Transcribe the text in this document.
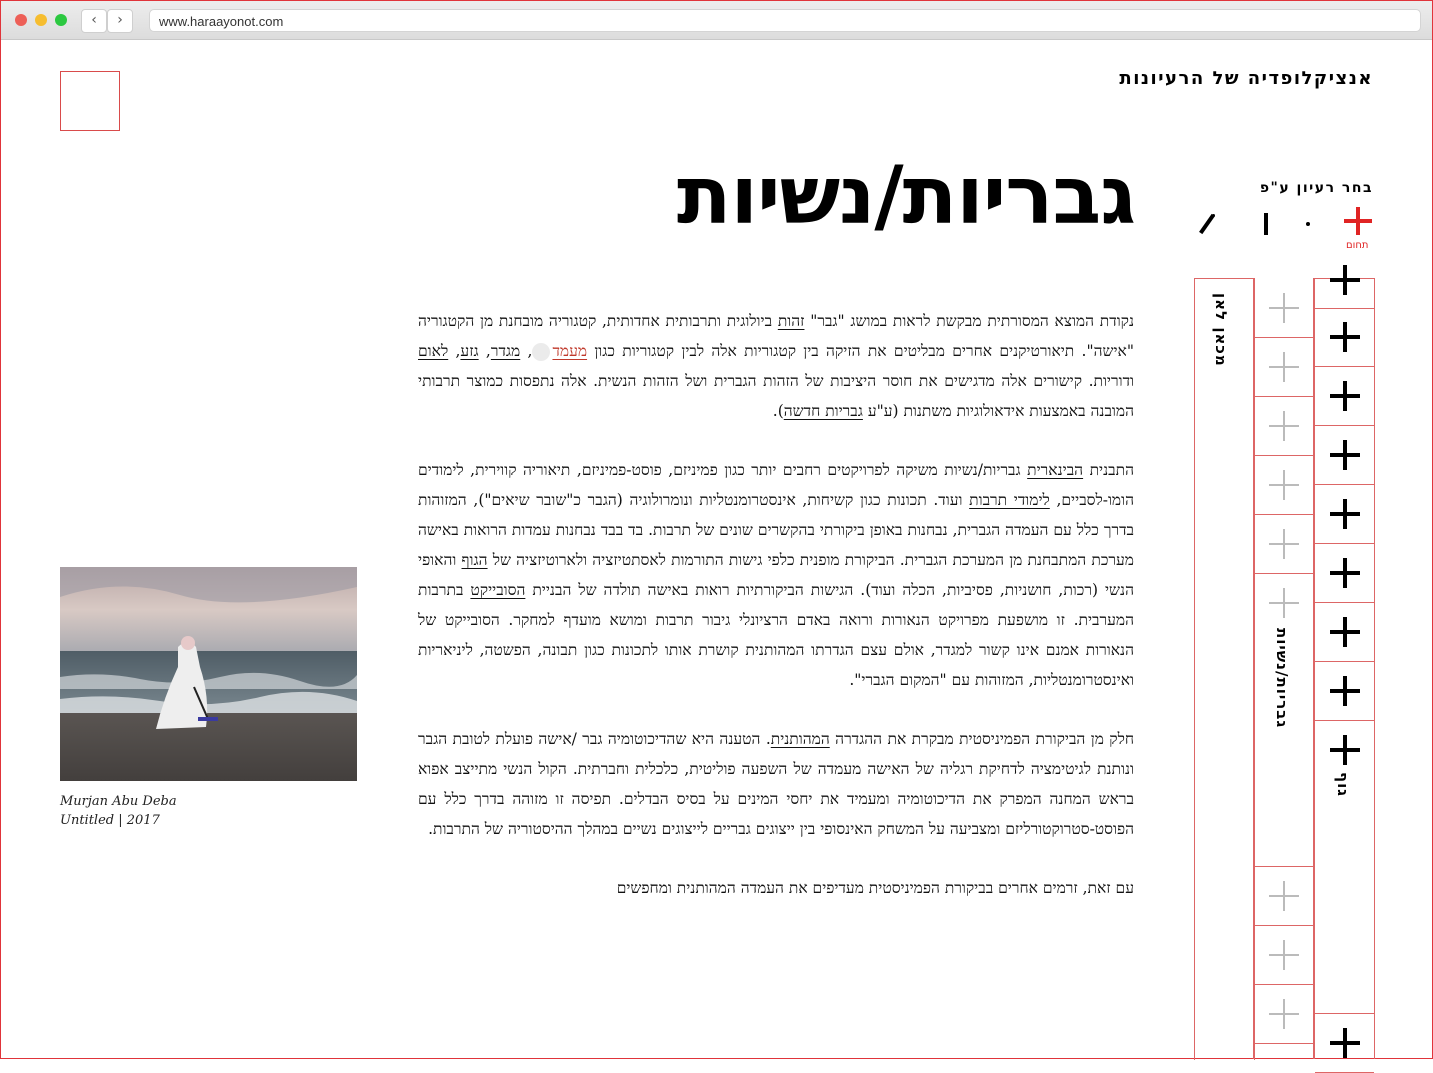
‹	›	www.haraayonot.com
אנציקלופדיה של הרעיונות
בחר רעיון ע"פ
תחום
גבריות/נשיות

נקודת המוצא המסורתית מבקשת לראות במושג "גבר" זהות ביולוגית ותרבותית אחדותית, קטגוריה מובחנת מן הקטגוריה "אישה". תיאורטיקנים אחרים מבליטים את הזיקה בין קטגוריות אלה לבין קטגוריות כגון מעמד, מגדר, גזע, לאום ודוריות. קישורים אלה מדגישים את חוסר היציבות של הזהות הגברית ושל הזהות הנשית. אלה נתפסות כמוצר תרבותי המובנה באמצעות אידאולוגיות משתנות (ע"ע גבריות חדשה).

התבנית הבינארית גבריות/נשיות משיקה לפרויקטים רחבים יותר כגון פמיניזם, פוסט-פמיניזם, תיאוריה קווירית, לימודים הומו-לסביים, לימודי תרבות ועוד. תכונות כגון קשיחות, אינסטרומנטליות ונומרולוגיה (הגבר כ"שובר שיאים"), המזוהות בדרך כלל עם העמדה הגברית, נבחנות באופן ביקורתי בהקשרים שונים של תרבות. בד בבד נבחנות עמדות הרואות באישה מערכת המתבחנת מן המערכת הגברית. הביקורת מופנית כלפי גישות התורמות לאסתטיזציה ולארוטיזציה של הגוף והאופי הנשי (רכות, חושניות, פסיביות, הכלה ועוד). הגישות הביקורתיות רואות באישה תולדה של הבניית הסובייקט בתרבות המערבית. זו מושפעת מפרויקט הנאורות ורואה באדם הרציונלי גיבור תרבות ומושא מועדף למחקר. הסובייקט של הנאורות אמנם אינו קשור למגדר, אולם עצם הגדרתו המהותנית קושרת אותו לתכונות כגון תבונה, הפשטה, ליניאריות ואינסטרומנטליות, המזוהות עם "המקום הגברי".

חלק מן הביקורת הפמיניסטית מבקרת את ההגדרה המהותנית. הטענה היא שהדיכוטומיה גבר /אישה פועלת לטובת הגבר ונותנת לגיטימציה לדחיקת רגליה של האישה מעמדה של השפעה פוליטית, כלכלית וחברתית. הקול הנשי מתייצב אפוא בראש המחנה המפרק את הדיכוטומיה ומעמיד את יחסי המינים על בסיס הבדלים. תפיסה זו מזוהה בדרך כלל עם הפוסט-סטרוקטורליזם ומצביעה על המשחק האינסופי בין ייצוגים גבריים לייצוגים נשיים במהלך ההיסטוריה של התרבות.

עם זאת, זרמים אחרים בביקורת הפמיניסטית מעדיפים את העמדה המהותנית ומחפשים

Murjan Abu Deba
Untitled | 2017
מכאן לאן
גבריות/נשיות
גוף
